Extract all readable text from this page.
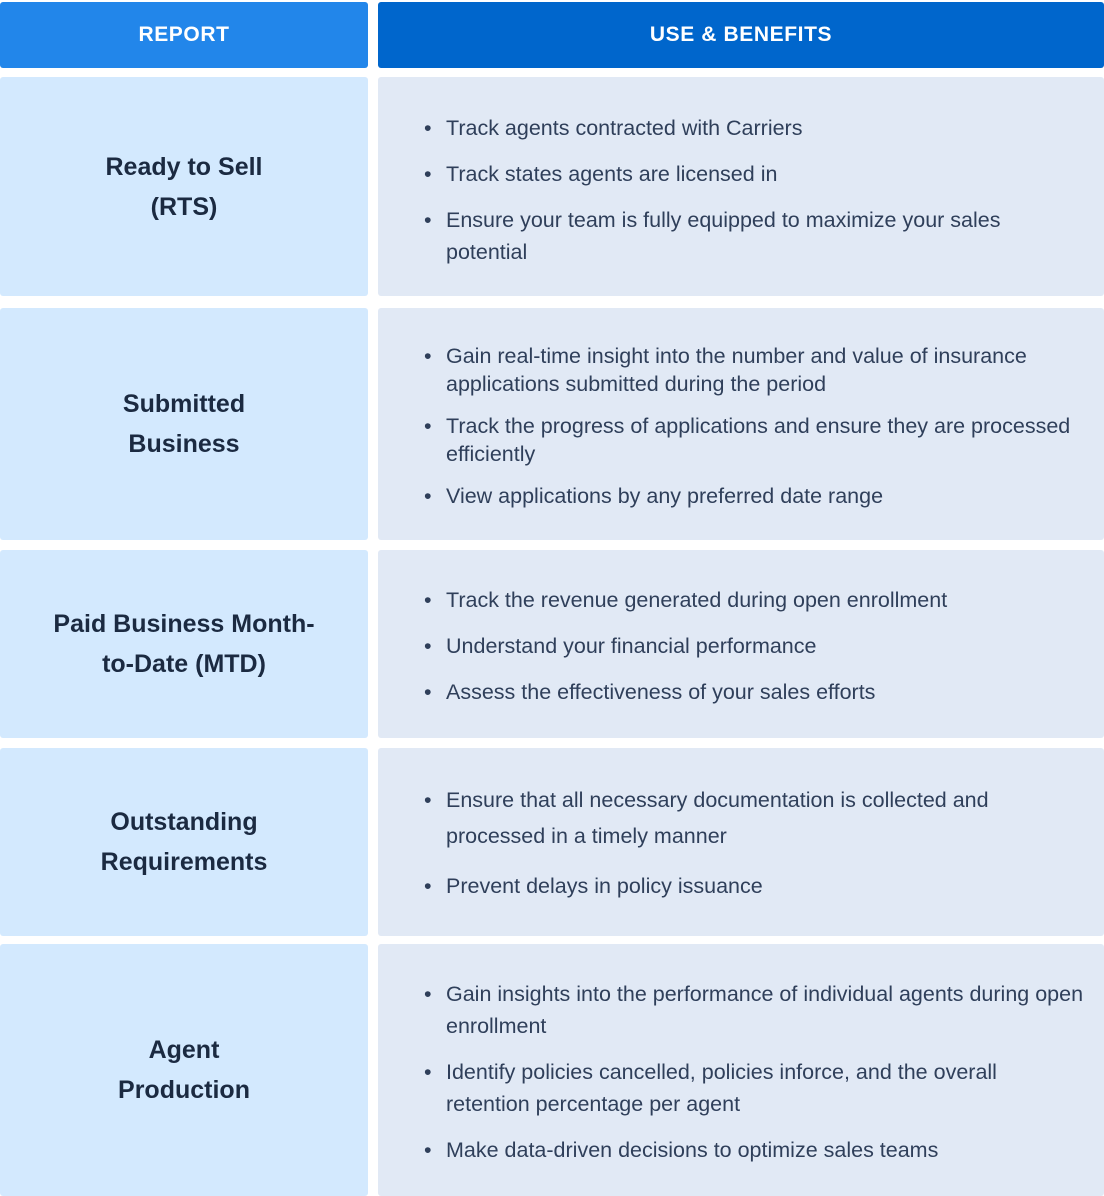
REPORT	USE & BENEFITS
Ready to Sell
(RTS)
• Track agents contracted with Carriers
• Track states agents are licensed in
• Ensure your team is fully equipped to maximize your sales potential
Submitted
Business
• Gain real-time insight into the number and value of insurance applications submitted during the period
• Track the progress of applications and ensure they are processed efficiently
• View applications by any preferred date range
Paid Business Month-
to-Date (MTD)
• Track the revenue generated during open enrollment
• Understand your financial performance
• Assess the effectiveness of your sales efforts
Outstanding
Requirements
• Ensure that all necessary documentation is collected and processed in a timely manner
• Prevent delays in policy issuance
Agent
Production
• Gain insights into the performance of individual agents during open enrollment
• Identify policies cancelled, policies inforce, and the overall retention percentage per agent
• Make data-driven decisions to optimize sales teams
